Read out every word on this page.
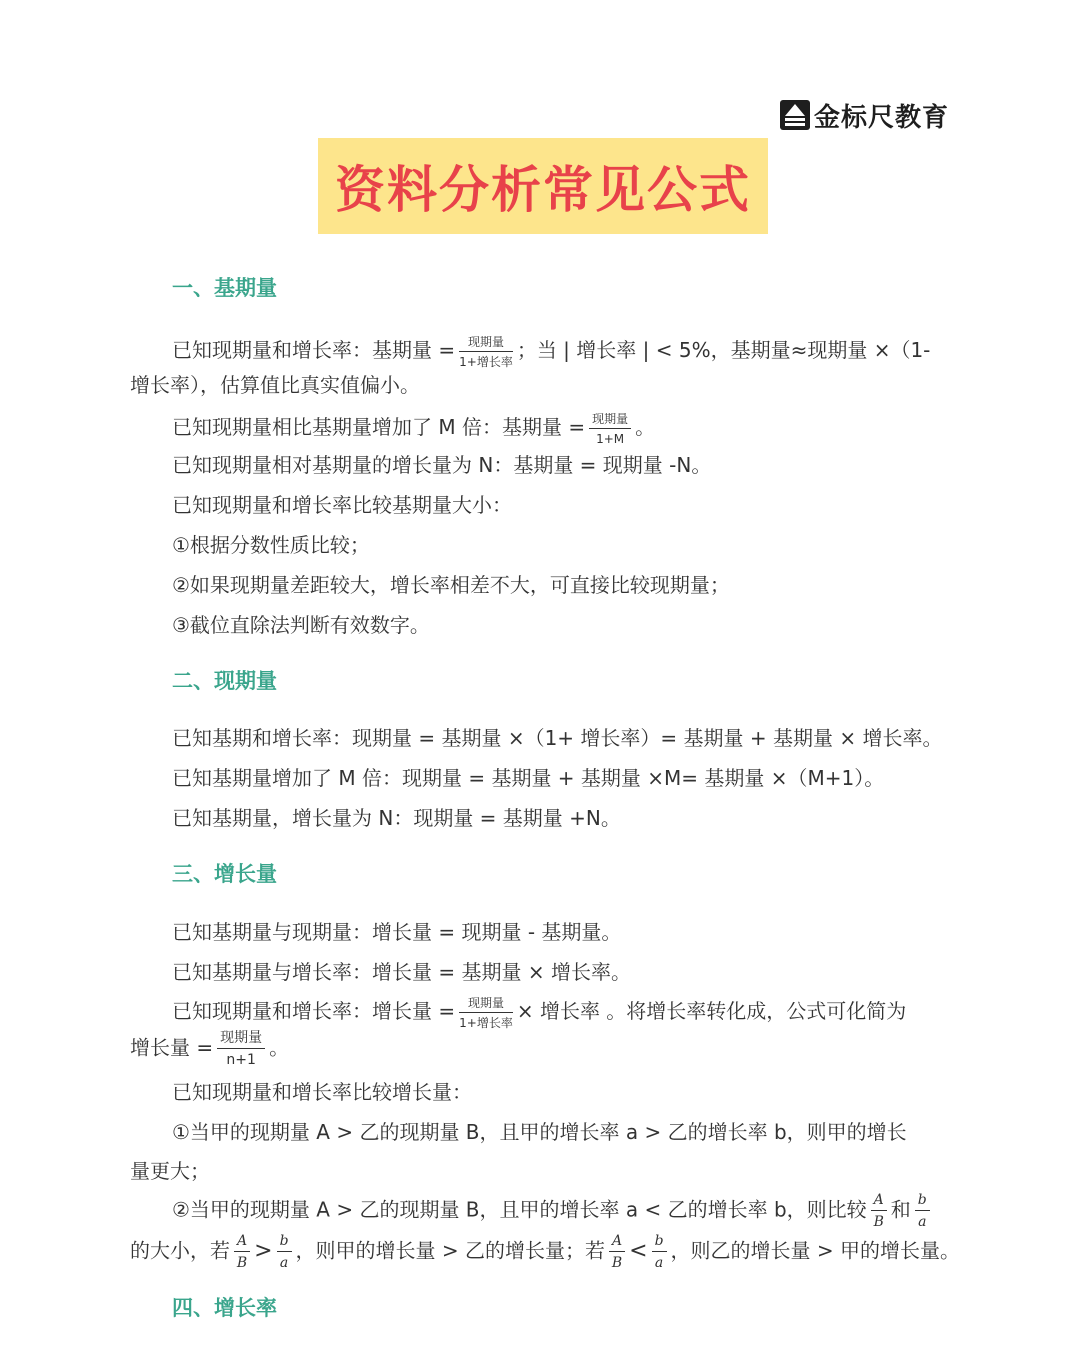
金标尺教育
资料分析常见公式
一、基期量
已知现期量和增长率：基期量 = $\frac{\text{现期量}}{\text{1+增长率}}$ ；当 | 增长率 | < 5%，基期量≈现期量 ×（1-
增长率），估算值比真实值偏小。
已知现期量相比基期量增加了 M 倍：基期量 = $\frac{\text{现期量}}{1+M}$ 。
已知现期量相对基期量的增长量为 N：基期量 = 现期量 -N。
已知现期量和增长率比较基期量大小：
①根据分数性质比较；
②如果现期量差距较大，增长率相差不大，可直接比较现期量；
③截位直除法判断有效数字。
二、现期量
已知基期和增长率：现期量 = 基期量 ×（1+ 增长率）= 基期量 + 基期量 × 增长率。
已知基期量增加了 M 倍：现期量 = 基期量 + 基期量 ×M= 基期量 ×（M+1）。
已知基期量，增长量为 N：现期量 = 基期量 +N。
三、增长量
已知基期量与现期量：增长量 = 现期量 - 基期量。
已知基期量与增长率：增长量 = 基期量 × 增长率。
已知现期量和增长率：增长量 = $\frac{\text{现期量}}{\text{1+增长率}}$ × 增长率 。将增长率转化成，公式可化简为
增长量 = $\frac{\text{现期量}}{n+1}$ 。
已知现期量和增长率比较增长量：
①当甲的现期量 A > 乙的现期量 B，且甲的增长率 a > 乙的增长率 b，则甲的增长
量更大；
②当甲的现期量 A > 乙的现期量 B，且甲的增长率 a < 乙的增长率 b，则比较 $\frac{A}{B}$ 和 $\frac{b}{a}$
的大小，若 $\frac{A}{B} > \frac{b}{a}$ ，则甲的增长量 > 乙的增长量；若 $\frac{A}{B} < \frac{b}{a}$ ，则乙的增长量 > 甲的增长量。
四、增长率
